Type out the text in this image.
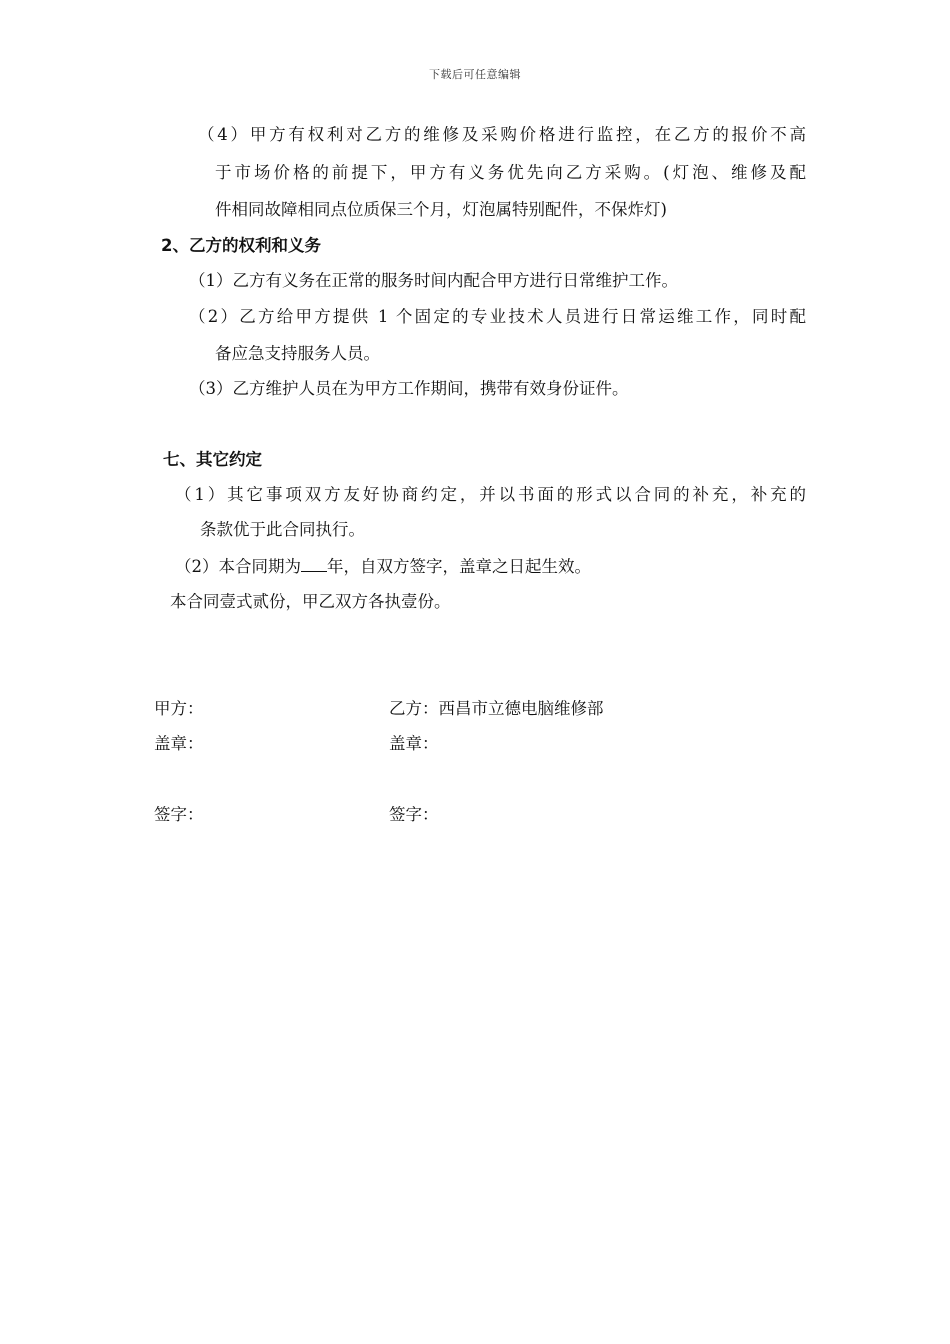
下载后可任意编辑
（4）甲方有权利对乙方的维修及采购价格进行监控，在乙方的报价不高
于市场价格的前提下，甲方有义务优先向乙方采购。(灯泡、维修及配
件相同故障相同点位质保三个月，灯泡属特别配件，不保炸灯)
2、乙方的权利和义务
（1）乙方有义务在正常的服务时间内配合甲方进行日常维护工作。
（2）乙方给甲方提供 1 个固定的专业技术人员进行日常运维工作，同时配
备应急支持服务人员。
（3）乙方维护人员在为甲方工作期间，携带有效身份证件。
七、其它约定
（1）其它事项双方友好协商约定，并以书面的形式以合同的补充，补充的
条款优于此合同执行。
（2）本合同期为 年，自双方签字，盖章之日起生效。
本合同壹式贰份，甲乙双方各执壹份。
甲方：	乙方：西昌市立德电脑维修部
盖章：	盖章：
签字：	签字：
